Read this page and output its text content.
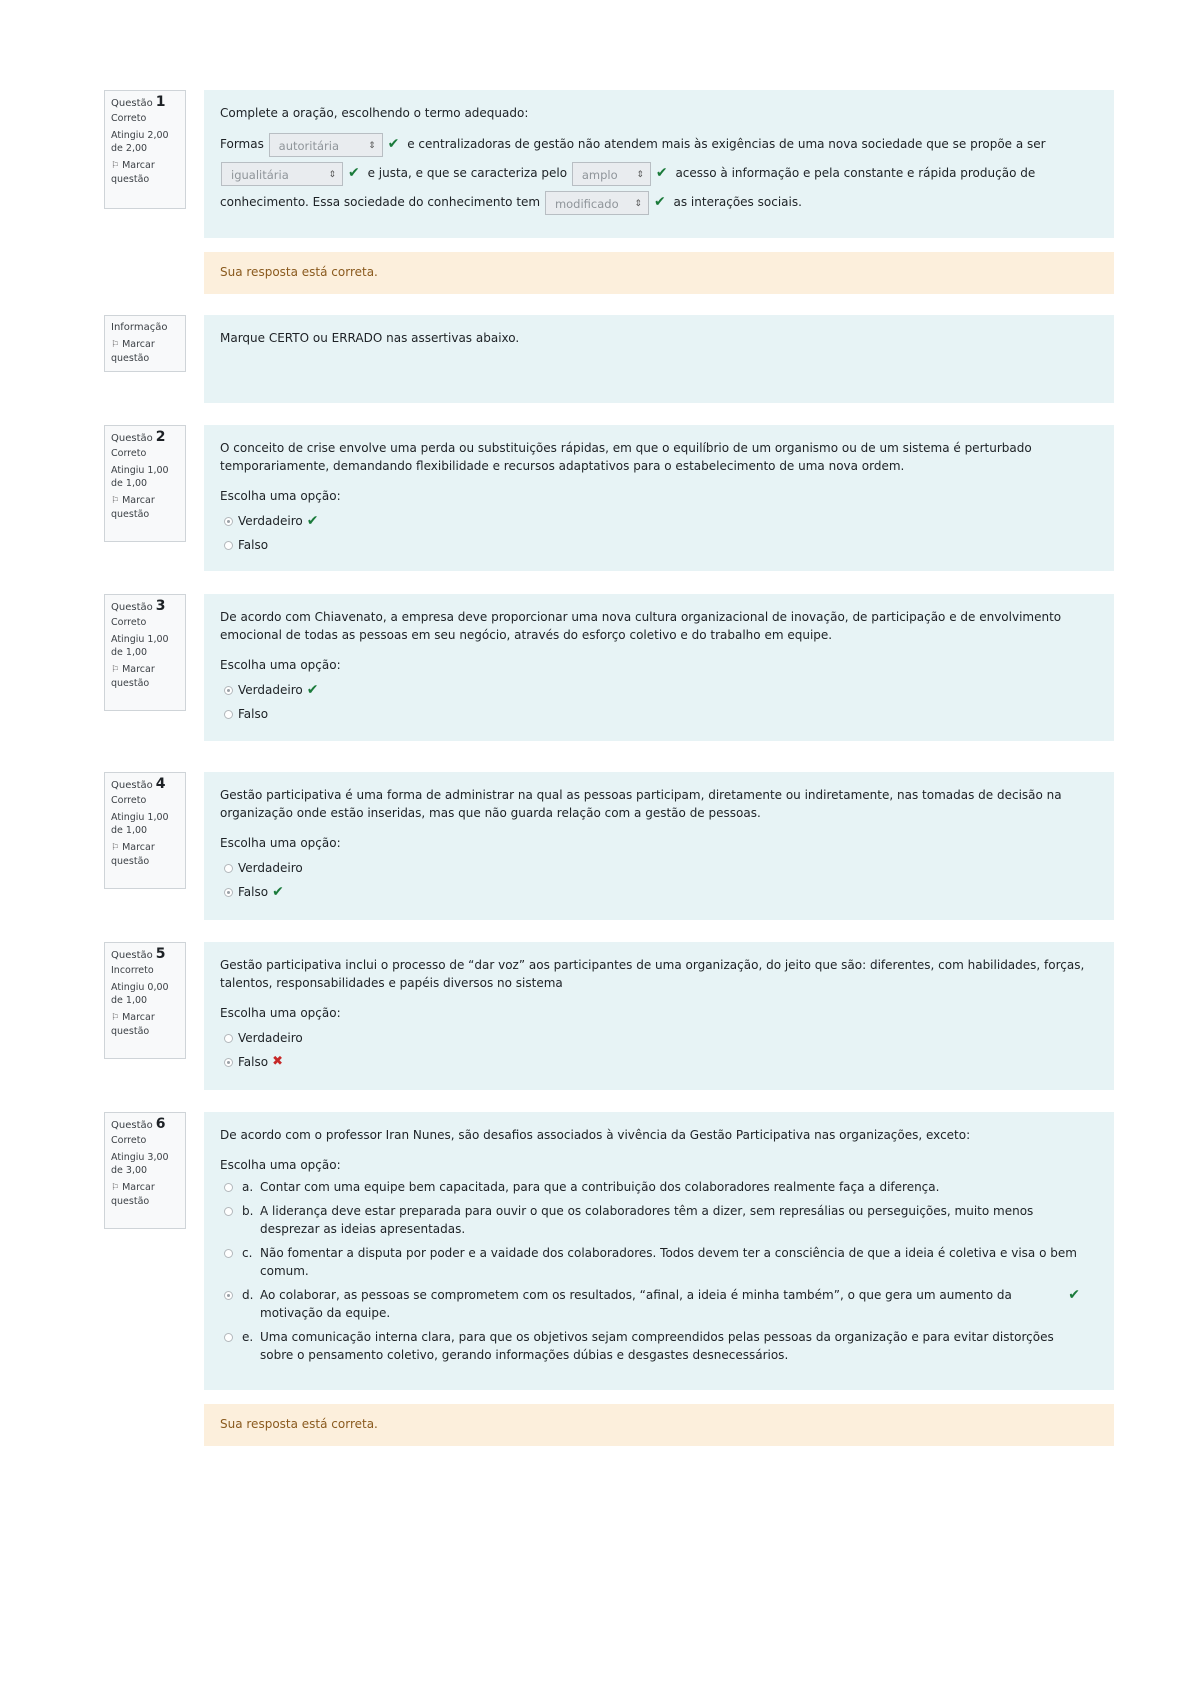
Questão 1
Correto
Atingiu 2,00 de 2,00
⚐ Marcar
questão

Complete a oração, escolhendo o termo adequado:

Formas autoritária	⇕ ✔ e centralizadoras de gestão não atendem mais às exigências de uma nova sociedade que se propõe a ser
igualitária	⇕ ✔ e justa, e que se caracteriza pelo amplo ⇕ ✔ acesso à informação e pela constante e rápida produção de
conhecimento. Essa sociedade do conhecimento tem modificado ⇕ ✔ as interações sociais.
Sua resposta está correta.
Informação
⚐ Marcar
questão
Marque CERTO ou ERRADO nas assertivas abaixo.
Questão 2
Correto
Atingiu 1,00 de 1,00
⚐ Marcar
questão
O conceito de crise envolve uma perda ou substituições rápidas, em que o equilíbrio de um organismo ou de um sistema é perturbado temporariamente, demandando flexibilidade e recursos adaptativos para o estabelecimento de uma nova ordem.
Escolha uma opção:
Verdadeiro ✔
Falso
Questão 3
Correto
Atingiu 1,00 de 1,00
⚐ Marcar
questão
De acordo com Chiavenato, a empresa deve proporcionar uma nova cultura organizacional de inovação, de participação e de envolvimento emocional de todas as pessoas em seu negócio, através do esforço coletivo e do trabalho em equipe.
Escolha uma opção:
Verdadeiro ✔
Falso
Questão 4
Correto
Atingiu 1,00 de 1,00
⚐ Marcar
questão
Gestão participativa é uma forma de administrar na qual as pessoas participam, diretamente ou indiretamente, nas tomadas de decisão na organização onde estão inseridas, mas que não guarda relação com a gestão de pessoas.
Escolha uma opção:
Verdadeiro
Falso ✔
Questão 5
Incorreto
Atingiu 0,00 de 1,00
⚐ Marcar
questão
Gestão participativa inclui o processo de “dar voz” aos participantes de uma organização, do jeito que são: diferentes, com habilidades, forças, talentos, responsabilidades e papéis diversos no sistema
Escolha uma opção:
Verdadeiro
Falso ✖
Questão 6
Correto
Atingiu 3,00 de 3,00
⚐ Marcar
questão
De acordo com o professor Iran Nunes, são desafios associados à vivência da Gestão Participativa nas organizações, exceto:
Escolha uma opção:
a. Contar com uma equipe bem capacitada, para que a contribuição dos colaboradores realmente faça a diferença.
b. A liderança deve estar preparada para ouvir o que os colaboradores têm a dizer, sem represálias ou perseguições, muito menos desprezar as ideias apresentadas.
c. Não fomentar a disputa por poder e a vaidade dos colaboradores. Todos devem ter a consciência de que a ideia é coletiva e visa o bem comum.
d. Ao colaborar, as pessoas se comprometem com os resultados, “afinal, a ideia é minha também”, o que gera um aumento da motivação da equipe.
✔
e. Uma comunicação interna clara, para que os objetivos sejam compreendidos pelas pessoas da organização e para evitar distorções sobre o pensamento coletivo, gerando informações dúbias e desgastes desnecessários.
Sua resposta está correta.
